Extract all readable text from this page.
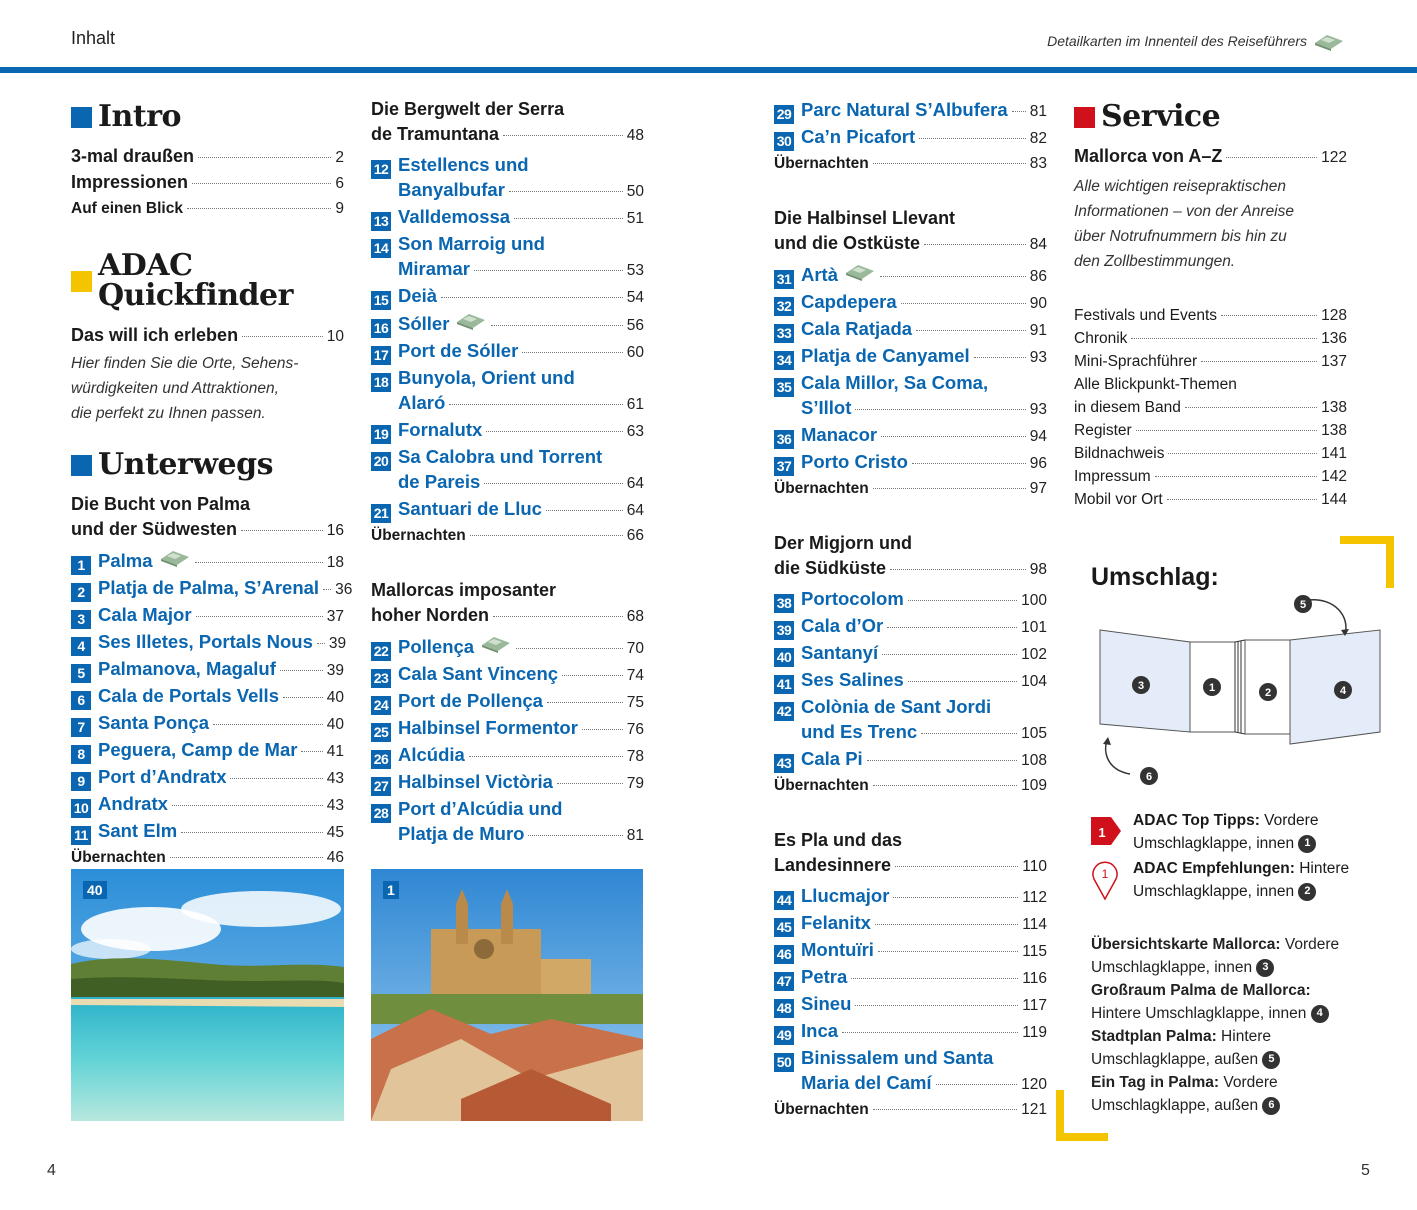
Inhalt	Detailkarten im Innenteil des Reiseführers
Intro
3-mal draußen	2
Impressionen	6
Auf einen Blick	9
ADAC Quickfinder
Das will ich erleben	10
Hier finden Sie die Orte, Sehens-
würdigkeiten und Attraktionen,
die perfekt zu Ihnen passen.
Unterwegs
Die Bucht von Palma
und der Südwesten	16
1 Palma	18
2 Platja de Palma, S’Arenal 36
3 Cala Major	37
4 Ses Illetes, Portals Nous 39
5 Palmanova, Magaluf	39
6 Cala de Portals Vells	40
7 Santa Ponça	40
8 Peguera, Camp de Mar 41
9 Port d’Andratx	43
10 Andratx	43
11 Sant Elm	45
Übernachten	46
Die Bergwelt der Serra
de Tramuntana	48
12 Estellencs und
Banyalbufar	50
13 Valldemossa	51
14 Son Marroig und
Miramar	53
15 Deià	54
16 Sóller	56
17 Port de Sóller	60
18 Bunyola, Orient und
Alaró	61
19 Fornalutx	63
20 Sa Calobra und Torrent
de Pareis	64
21 Santuari de Lluc	64
Übernachten	66
Mallorcas imposanter
hoher Norden	68
22 Pollença	70
23 Cala Sant Vincenç	74
24 Port de Pollença	75
25 Halbinsel Formentor	76
26 Alcúdia	78
27 Halbinsel Victòria	79
28 Port d’Alcúdia und
Platja de Muro	81
29 Parc Natural S’Albufera 81
30 Ca’n Picafort	82
Übernachten	83
Die Halbinsel Llevant
und die Ostküste	84
31 Artà	86
32 Capdepera	90
33 Cala Ratjada	91
34 Platja de Canyamel	93
35 Cala Millor, Sa Coma,
S’Illot	93
36 Manacor	94
37 Porto Cristo	96
Übernachten	97
Der Migjorn und
die Südküste	98
38 Portocolom	100
39 Cala d’Or	101
40 Santanyí	102
41 Ses Salines	104
42 Colònia de Sant Jordi
und Es Trenc	105
43 Cala Pi	108
Übernachten	109
Es Pla und das
Landesinnere	110
44 Llucmajor	112
45 Felanitx	114
46 Montuïri	115
47 Petra	116
48 Sineu	117
49 Inca	119
50 Binissalem und Santa
Maria del Camí	120
Übernachten	121
Service
Mallorca von A–Z	122
Alle wichtigen reisepraktischen
Informationen – von der Anreise
über Notrufnummern bis hin zu
den Zollbestimmungen.
Festivals und Events	128
Chronik	136
Mini-Sprachführer	137
Alle Blickpunkt-Themen
in diesem Band	138
Register	138
Bildnachweis	141
Impressum	142
Mobil vor Ort	144
40	1
Umschlag:
3	1	2	4
5
6
1
ADAC Top Tipps: Vordere
Umschlagklappe, innen 1
1 ADAC Empfehlungen: Hintere
Umschlagklappe, innen 2
Übersichtskarte Mallorca: Vordere
Umschlagklappe, innen 3
Großraum Palma de Mallorca:
Hintere Umschlagklappe, innen 4
Stadtplan Palma: Hintere
Umschlagklappe, außen 5
Ein Tag in Palma: Vordere
Umschlagklappe, außen 6
4	5
